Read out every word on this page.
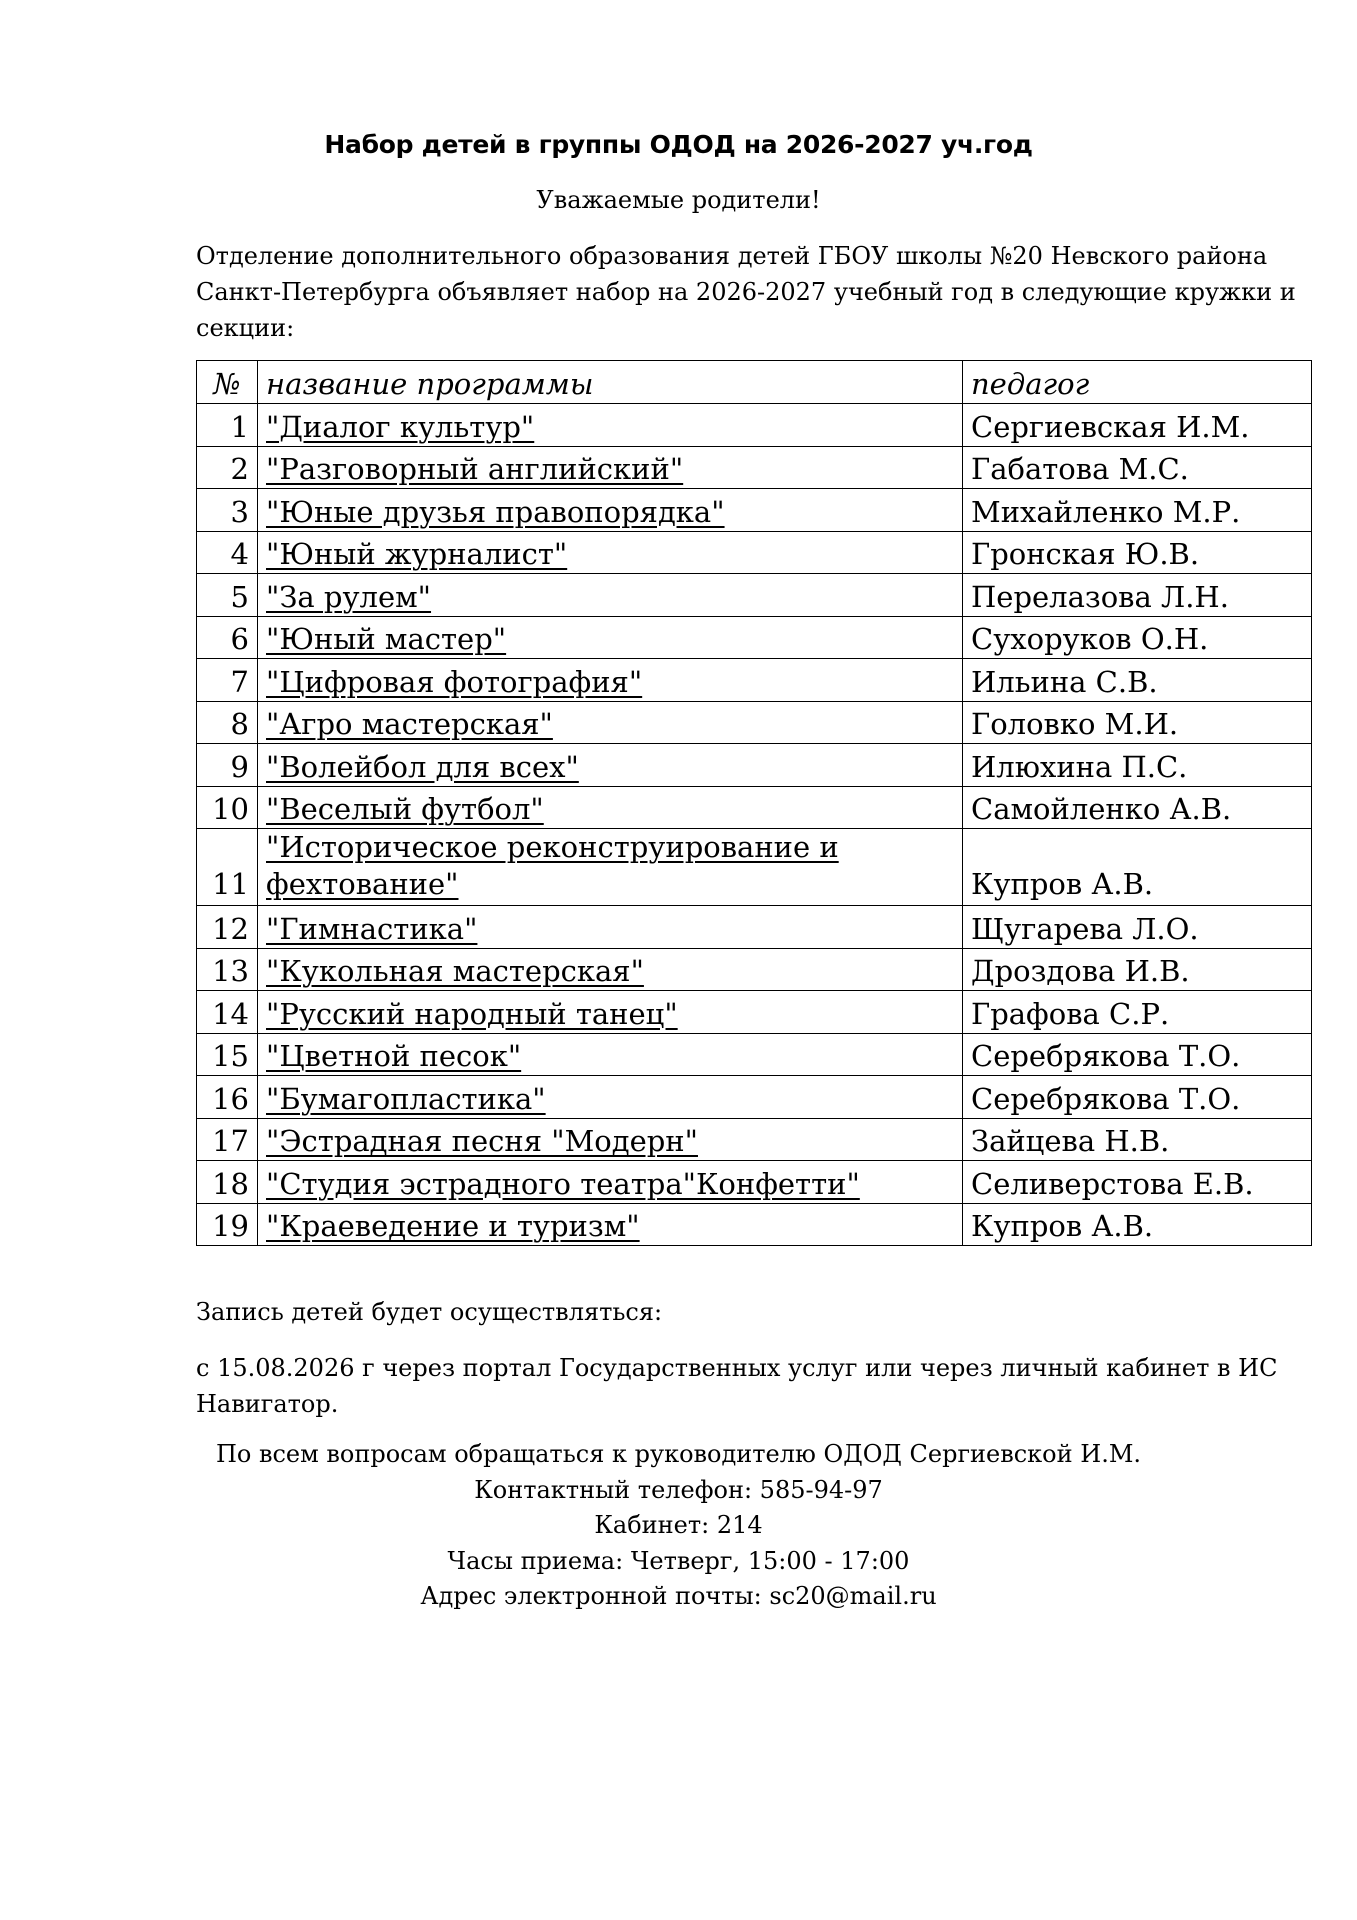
Набор детей в группы ОДОД на 2026-2027 уч.год
Уважаемые родители!

Отделение дополнительного образования детей ГБОУ школы №20 Невского района Санкт-Петербурга объявляет набор на 2026-2027 учебный год в следующие кружки и секции:

№	название программы	педагог
1	"Диалог культур"	Сергиевская И.М.
2	"Разговорный английский"	Габатова М.С.
3	"Юные друзья правопорядка"	Михайленко М.Р.
4	"Юный журналист"	Гронская Ю.В.
5	"За рулем"	Перелазова Л.Н.
6	"Юный мастер"	Сухоруков О.Н.
7	"Цифровая фотография"	Ильина С.В.
8	"Агро мастерская"	Головко М.И.
9	"Волейбол для всех"	Илюхина П.С.
10	"Веселый футбол"	Самойленко А.В.
11	"Историческое реконструирование и фехтование"	Купров А.В.
12	"Гимнастика"	Щугарева Л.О.
13	"Кукольная мастерская"	Дроздова И.В.
14	"Русский народный танец"	Графова С.Р.
15	"Цветной песок"	Серебрякова Т.О.
16	"Бумагопластика"	Серебрякова Т.О.
17	"Эстрадная песня "Модерн"	Зайцева Н.В.
18	"Студия эстрадного театра"Конфетти"	Селиверстова Е.В.
19	"Краеведение и туризм"	Купров А.В.

Запись детей будет осуществляться:

с 15.08.2026 г через портал Государственных услуг или через личный кабинет в ИС Навигатор.

По всем вопросам обращаться к руководителю ОДОД Сергиевской И.М.
Контактный телефон: 585-94-97
Кабинет: 214
Часы приема: Четверг, 15:00 - 17:00
Адрес электронной почты: sc20@mail.ru
